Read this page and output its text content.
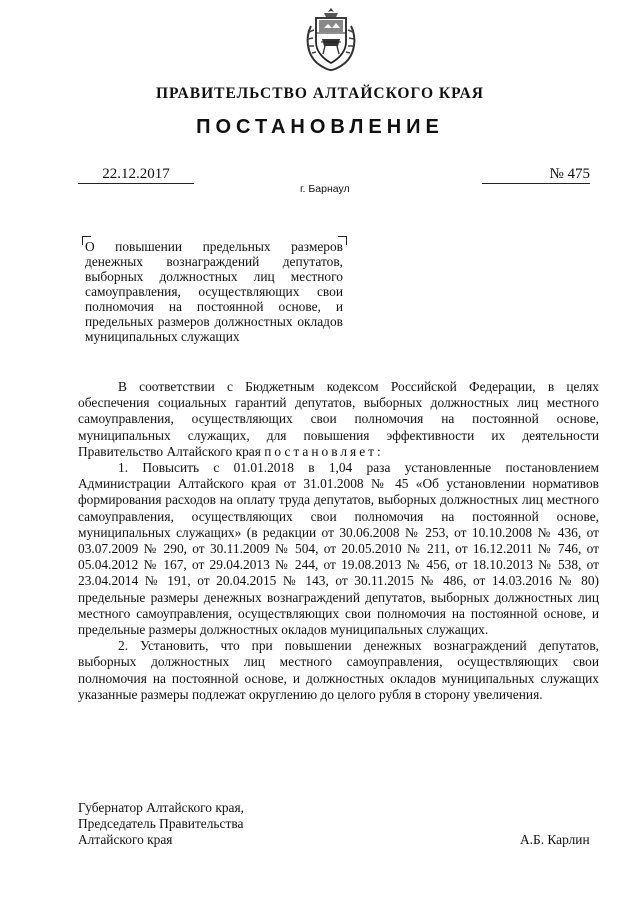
ПРАВИТЕЛЬСТВО АЛТАЙСКОГО КРАЯ
ПОСТАНОВЛЕНИЕ
22.12.2017	№ 475
г. Барнаул
О повышении предельных размеров денежных вознаграждений депутатов, выборных должностных лиц местного самоуправления, осуществляющих свои полномочия на постоянной основе, и предельных размеров должностных окладов муниципальных служащих

В соответствии с Бюджетным кодексом Российской Федерации, в целях обеспечения социальных гарантий депутатов, выборных должностных лиц местного самоуправления, осуществляющих свои полномочия на постоянной основе, муниципальных служащих, для повышения эффективности их деятельности Правительство Алтайского края постановляет:

1. Повысить с 01.01.2018 в 1,04 раза установленные постановлением Администрации Алтайского края от 31.01.2008 № 45 «Об установлении нормативов формирования расходов на оплату труда депутатов, выборных должностных лиц местного самоуправления, осуществляющих свои полномочия на постоянной основе, муниципальных служащих» (в редакции от 30.06.2008 № 253, от 10.10.2008 № 436, от 03.07.2009 № 290, от 30.11.2009 № 504, от 20.05.2010 № 211, от 16.12.2011 № 746, от 05.04.2012 № 167, от 29.04.2013 № 244, от 19.08.2013 № 456, от 18.10.2013 № 538, от 23.04.2014 № 191, от 20.04.2015 № 143, от 30.11.2015 № 486, от 14.03.2016 № 80) предельные размеры денежных вознаграждений депутатов, выборных должностных лиц местного самоуправления, осуществляющих свои полномочия на постоянной основе, и предельные размеры должностных окладов муниципальных служащих.

2. Установить, что при повышении денежных вознаграждений депутатов, выборных должностных лиц местного самоуправления, осуществляющих свои полномочия на постоянной основе, и должностных окладов муниципальных служащих указанные размеры подлежат округлению до целого рубля в сторону увеличения.

Губернатор Алтайского края,
Председатель Правительства
Алтайского края	А.Б. Карлин
